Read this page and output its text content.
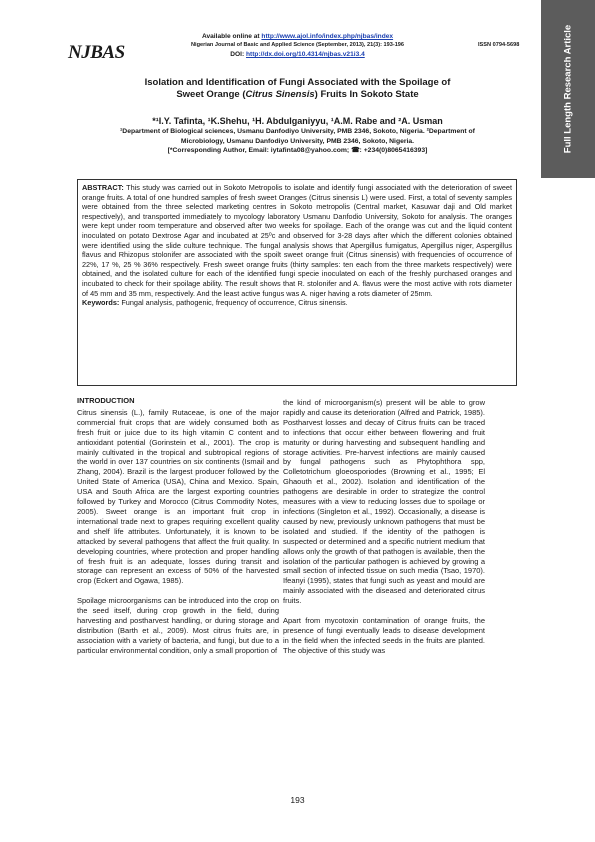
NJBAS
Available online at http://www.ajol.info/index.php/njbas/index
Nigerian Journal of Basic and Applied Science (September, 2013), 21(3): 193-196
DOI: http://dx.doi.org/10.4314/njbas.v21i3.4
ISSN 0794-5698	Full Length Research Article
Isolation and Identification of Fungi Associated with the Spoilage of
Sweet Orange (Citrus Sinensis) Fruits In Sokoto State
*¹I.Y. Tafinta, ¹K.Shehu, ¹H. Abdulganiyyu, ¹A.M. Rabe and ²A. Usman
¹Department of Biological sciences, Usmanu Danfodiyo University, PMB 2346, Sokoto, Nigeria. ²Department of
Microbiology, Usmanu Danfodiyo University, PMB 2346, Sokoto, Nigeria.
[*Corresponding Author, Email: iytafinta08@yahoo.com; ☎: +234(0)8065416393]
ABSTRACT: This study was carried out in Sokoto Metropolis to isolate and identify fungi associated with the deterioration of sweet orange fruits. A total of one hundred samples of fresh sweet Oranges (Citrus sinensis L) were used. First, a total of seventy samples were obtained from the three selected marketing centres in Sokoto metropolis (Central market, Kasuwar daji and Old market respectively), and transported immediately to mycology laboratory Usmanu Danfodio University, Sokoto for analysis. The oranges were kept under room temperature and observed after two weeks for spoilage. Each of the orange was cut and the liquid content inoculated on potato Dextrose Agar and incubated at 25⁰c and observed for 3-28 days after which the different colonies obtained were identified using the slide culture technique. The fungal analysis shows that Apergillus fumigatus, Apergillus niger, Aspergillus flavus and Rhizopus stolonifer are associated with the spoilt sweet orange fruit (Citrus sinensis) with frequencies of occurrence of 22%, 17 %, 25 % 36% respectively. Fresh sweet orange fruits (thirty samples: ten each from the three markets respectively) were obtained, and the isolated culture for each of the identified fungi specie inoculated on each of the freshly purchased oranges and incubated to check for their spoilage ability. The result shows that R. stolonifer and A. flavus were the most active with rots diameter of 45 mm and 35 mm, respectively. And the least active fungus was A. niger having a rots diameter of 25mm.
Keywords: Fungal analysis, pathogenic, frequency of occurrence, Citrus sinensis.
INTRODUCTION

Citrus sinensis (L.), family Rutaceae, is one of the major commercial fruit crops that are widely consumed both as fresh fruit or juice due to its high vitamin C content and antioxidant potential (Gorinstein et al., 2001). The crop is mainly cultivated in the tropical and subtropical regions of the world in over 137 countries on six continents (Ismail and Zhang, 2004). Brazil is the largest producer followed by the United State of America (USA), China and Mexico. Spain, USA and South Africa are the largest exporting countries followed by Turkey and Morocco (Citrus Commodity Notes, 2005). Sweet orange is an important fruit crop in international trade next to grapes requiring excellent quality and shelf life attributes. Unfortunately, it is known to be attacked by several pathogens that affect the fruit quality. In developing countries, where protection and proper handling of fresh fruit is an adequate, losses during transit and storage can represent an excess of 50% of the harvested crop (Eckert and Ogawa, 1985).

Spoilage microorganisms can be introduced into the crop on the seed itself, during crop growth in the field, during harvesting and postharvest handling, or during storage and distribution (Barth et al., 2009). Most citrus fruits are, in association with a variety of bacteria, and fungi, but due to a particular environmental condition, only a small proportion of

the kind of microorganism(s) present will be able to grow rapidly and cause its deterioration (Alfred and Patrick, 1985). Postharvest losses and decay of Citrus fruits can be traced to infections that occur either between flowering and fruit maturity or during harvesting and subsequent handling and storage activities. Pre-harvest infections are mainly caused by fungal pathogens such as Phytophthora spp, Colletotrichum gloeosporiodes (Browning et al., 1995; El Ghaouth et al., 2002). Isolation and identification of the pathogens are desirable in order to strategize the control measures with a view to reducing losses due to spoilage or infections (Singleton et al., 1992). Occasionally, a disease is caused by new, previously unknown pathogens that must be isolated and studied. If the identity of the pathogen is suspected or determined and a specific nutrient medium that allows only the growth of that pathogen is available, then the isolation of the particular pathogen is achieved by growing a small section of infected tissue on such media (Tsao, 1970). Ifeanyi (1995), states that fungi such as yeast and mould are mainly associated with the diseased and deteriorated citrus fruits.

Apart from mycotoxin contamination of orange fruits, the presence of fungi eventually leads to disease development in the field when the infected seeds in the fruits are planted. The objective of this study was

193
